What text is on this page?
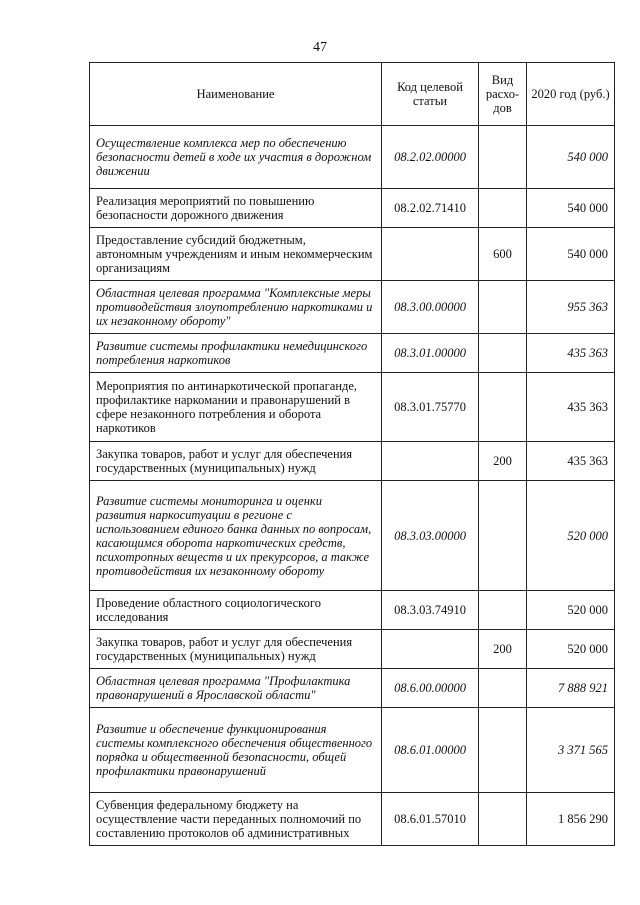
47
Наименование	Код целевой статьи	Вид расхо-дов	2020 год (руб.)
Осуществление комплекса мер по обеспечению безопасности детей в ходе их участия в дорожном движении	08.2.02.00000		540 000
Реализация мероприятий по повышению безопасности дорожного движения	08.2.02.71410		540 000
Предоставление субсидий бюджетным, автономным учреждениям и иным некоммерческим организациям		600	540 000
Областная целевая программа "Комплексные меры противодействия злоупотреблению наркотиками и их незаконному обороту"	08.3.00.00000		955 363
Развитие системы профилактики немедицинского потребления наркотиков	08.3.01.00000		435 363
Мероприятия по антинаркотической пропаганде, профилактике наркомании и правонарушений в сфере незаконного потребления и оборота наркотиков	08.3.01.75770		435 363
Закупка товаров, работ и услуг для обеспечения государственных (муниципальных) нужд		200	435 363
Развитие системы мониторинга и оценки развития наркоситуации в регионе с использованием единого банка данных по вопросам, касающимся оборота наркотических средств, психотропных веществ и их прекурсоров, а также противодействия их незаконному обороту	08.3.03.00000		520 000
Проведение областного социологического исследования	08.3.03.74910		520 000
Закупка товаров, работ и услуг для обеспечения государственных (муниципальных) нужд		200	520 000
Областная целевая программа "Профилактика правонарушений в Ярославской области"	08.6.00.00000		7 888 921
Развитие и обеспечение функционирования системы комплексного обеспечения общественного порядка и общественной безопасности, общей профилактики правонарушений	08.6.01.00000		3 371 565
Субвенция федеральному бюджету на осуществление части переданных полномочий по составлению протоколов об административных	08.6.01.57010		1 856 290
